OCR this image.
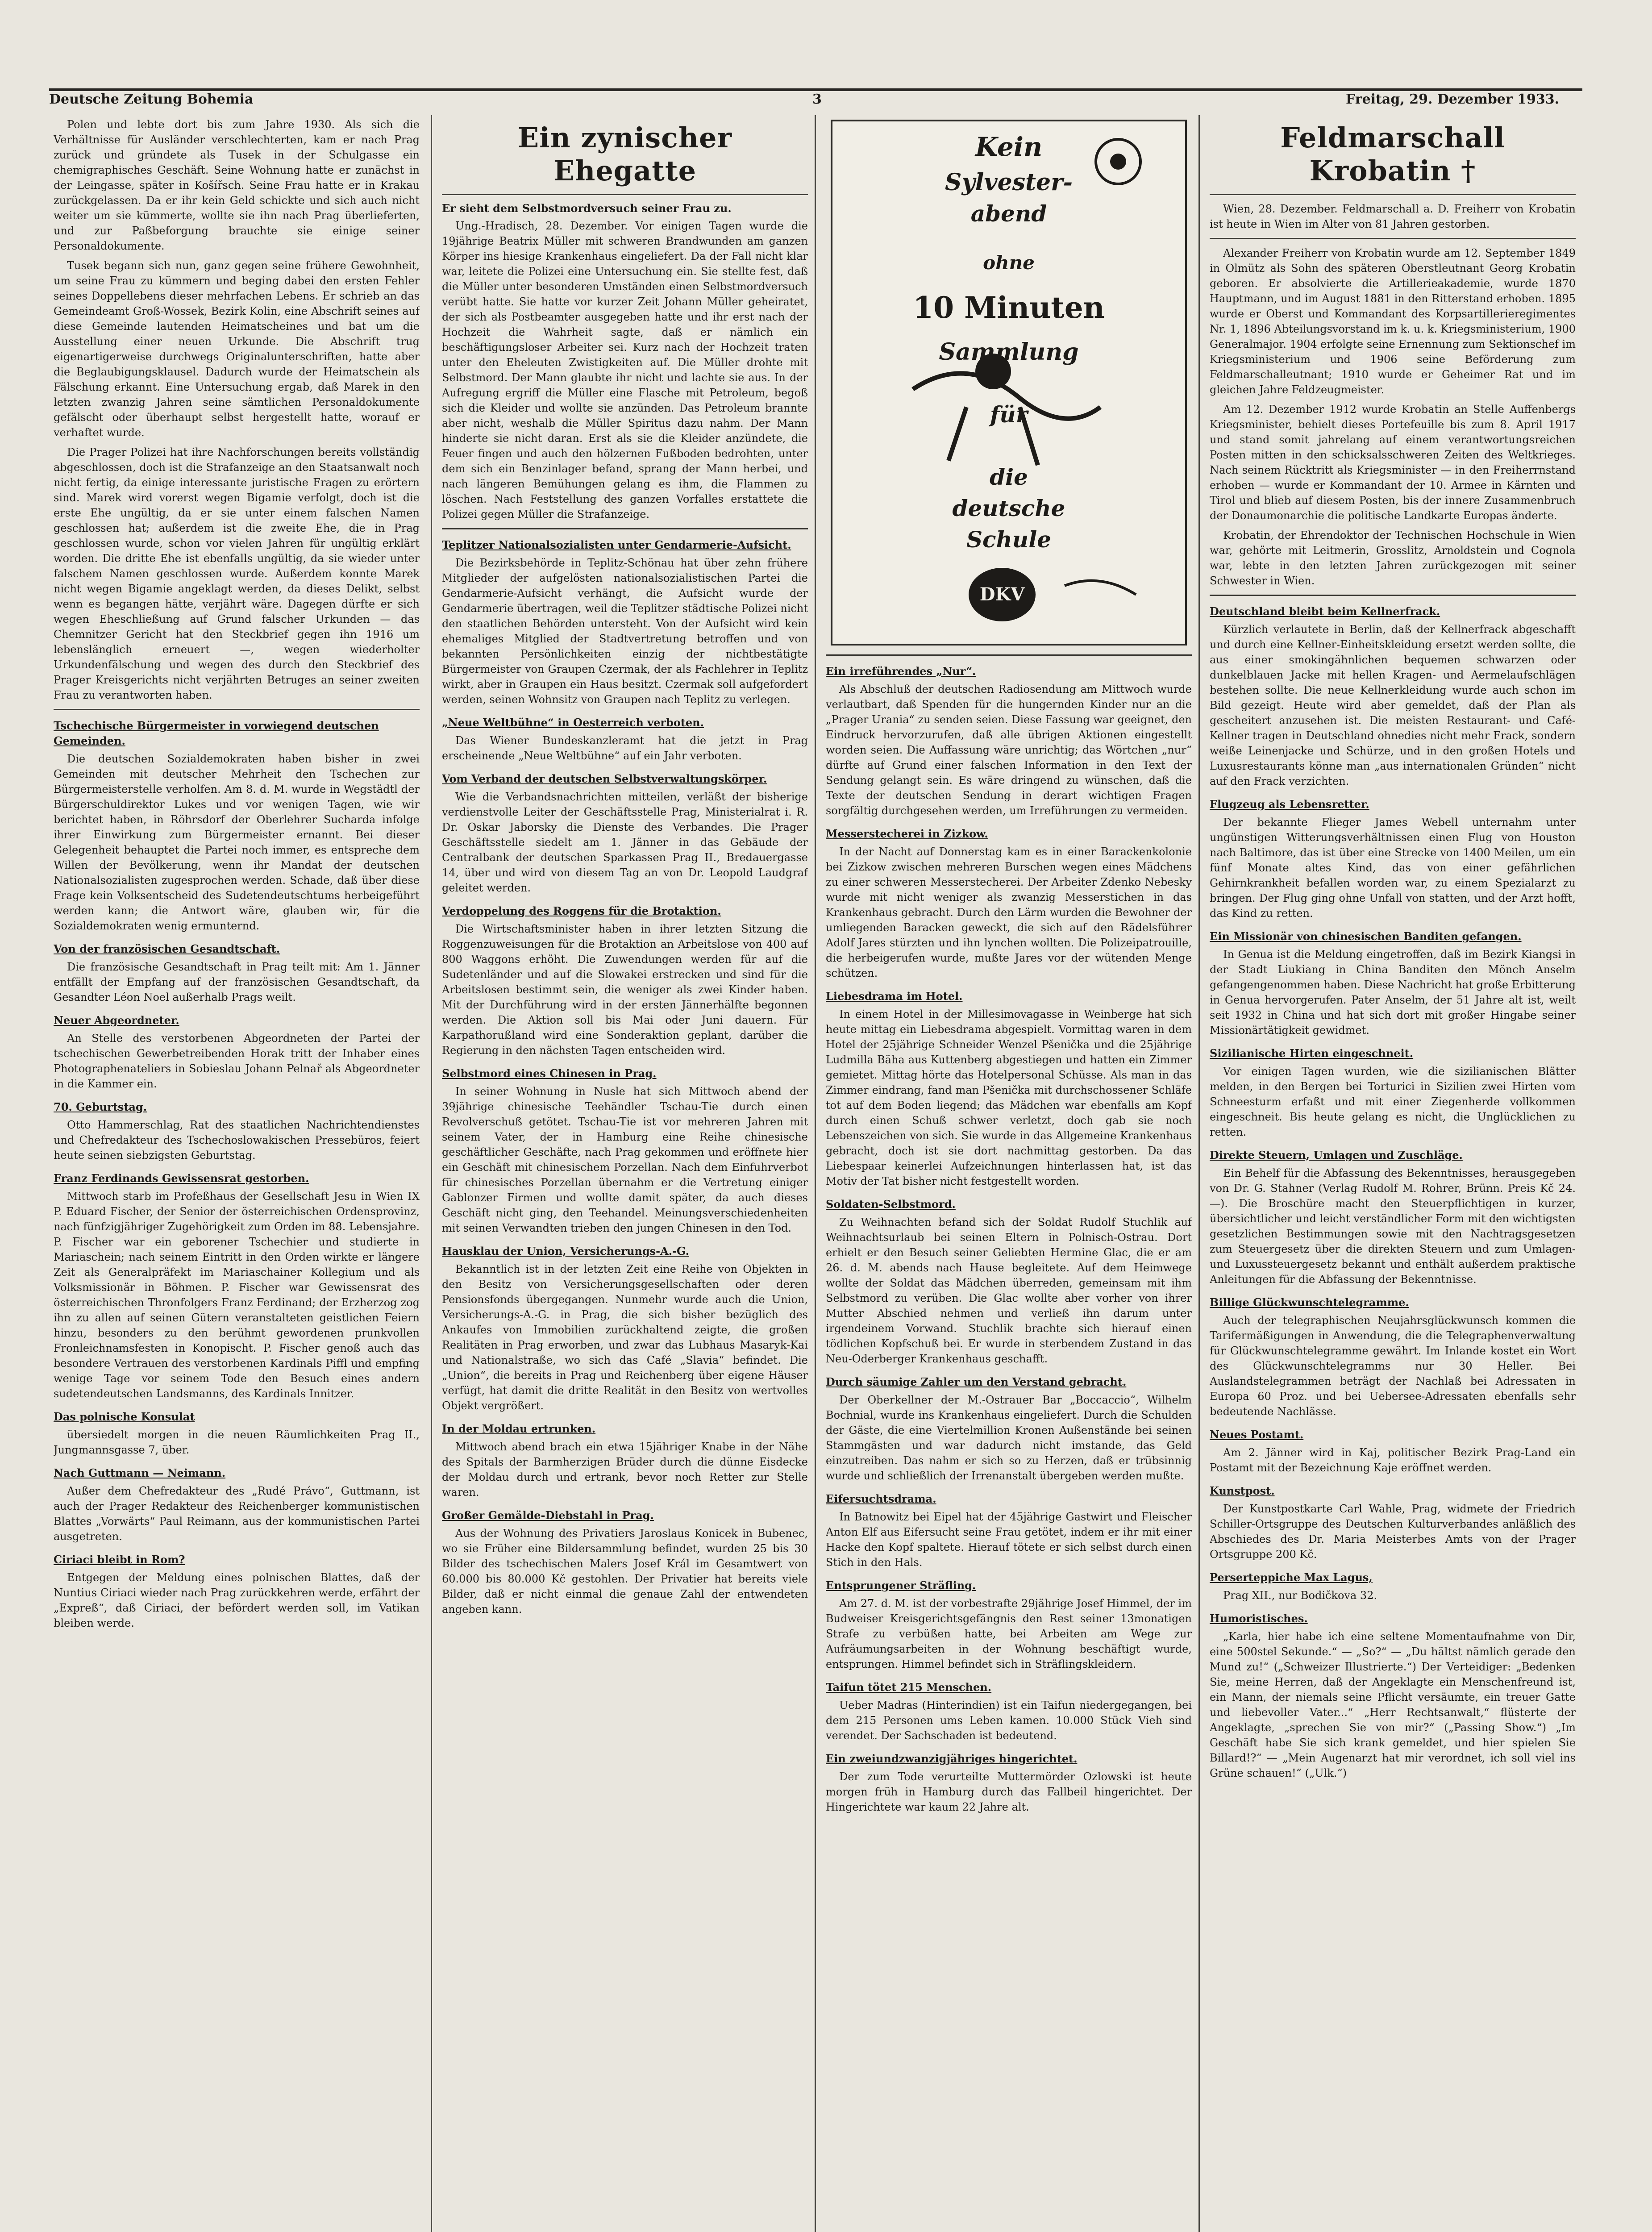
Deutsche Zeitung Bohemia	3	Freitag, 29. Dezember 1933.

Polen und lebte dort bis zum Jahre 1930. Als sich die Verhältnisse für Ausländer verschlechterten, kam er nach Prag zurück und gründete als Tusek in der Schulgasse ein chemigraphisches Geschäft. Seine Wohnung hatte er zunächst in der Leingasse, später in Košířsch. Seine Frau hatte er in Krakau zurückgelassen. Da er ihr kein Geld schickte und sich auch nicht weiter um sie kümmerte, wollte sie ihn nach Prag überlieferten, und zur Paßbeforgung brauchte sie einige seiner Personaldokumente.

Tusek begann sich nun, ganz gegen seine frühere Gewohnheit, um seine Frau zu kümmern und beging dabei den ersten Fehler seines Doppellebens dieser mehrfachen Lebens. Er schrieb an das Gemeindeamt Groß-Wossek, Bezirk Kolin, eine Abschrift seines auf diese Gemeinde lautenden Heimatscheines und bat um die Ausstellung einer neuen Urkunde. Die Abschrift trug eigenartigerweise durchwegs Originalunterschriften, hatte aber die Beglaubigungsklausel. Dadurch wurde der Heimatschein als Fälschung erkannt. Eine Untersuchung ergab, daß Marek in den letzten zwanzig Jahren seine sämtlichen Personaldokumente gefälscht oder überhaupt selbst hergestellt hatte, worauf er verhaftet wurde.

Die Prager Polizei hat ihre Nachforschungen bereits vollständig abgeschlossen, doch ist die Strafanzeige an den Staatsanwalt noch nicht fertig, da einige interessante juristische Fragen zu erörtern sind. Marek wird vorerst wegen Bigamie verfolgt, doch ist die erste Ehe ungültig, da er sie unter einem falschen Namen geschlossen hat; außerdem ist die zweite Ehe, die in Prag geschlossen wurde, schon vor vielen Jahren für ungültig erklärt worden. Die dritte Ehe ist ebenfalls ungültig, da sie wieder unter falschem Namen geschlossen wurde. Außerdem konnte Marek nicht wegen Bigamie angeklagt werden, da dieses Delikt, selbst wenn es begangen hätte, verjährt wäre. Dagegen dürfte er sich wegen Eheschließung auf Grund falscher Urkunden — das Chemnitzer Gericht hat den Steckbrief gegen ihn 1916 um lebenslänglich erneuert —, wegen wiederholter Urkundenfälschung und wegen des durch den Steckbrief des Prager Kreisgerichts nicht verjährten Betruges an seiner zweiten Frau zu verantworten haben.

Tschechische Bürgermeister in vorwiegend deutschen Gemeinden.

Die deutschen Sozialdemokraten haben bisher in zwei Gemeinden mit deutscher Mehrheit den Tschechen zur Bürgermeisterstelle verholfen. Am 8. d. M. wurde in Wegstädtl der Bürgerschuldirektor Lukes und vor wenigen Tagen, wie wir berichtet haben, in Röhrsdorf der Oberlehrer Sucharda infolge ihrer Einwirkung zum Bürgermeister ernannt. Bei dieser Gelegenheit behauptet die Partei noch immer, es entspreche dem Willen der Bevölkerung, wenn ihr Mandat der deutschen Nationalsozialisten zugesprochen werden. Schade, daß über diese Frage kein Volksentscheid des Sudetendeutschtums herbeigeführt werden kann; die Antwort wäre, glauben wir, für die Sozialdemokraten wenig ermunternd.

Von der französischen Gesandtschaft.

Die französische Gesandtschaft in Prag teilt mit: Am 1. Jänner entfällt der Empfang auf der französischen Gesandtschaft, da Gesandter Léon Noel außerhalb Prags weilt.

Neuer Abgeordneter.

An Stelle des verstorbenen Abgeordneten der Partei der tschechischen Gewerbetreibenden Horak tritt der Inhaber eines Photographenateliers in Sobieslau Johann Pelnař als Abgeordneter in die Kammer ein.

70. Geburtstag.

Otto Hammerschlag, Rat des staatlichen Nachrichtendienstes und Chefredakteur des Tschechoslowakischen Pressebüros, feiert heute seinen siebzigsten Geburtstag.

Franz Ferdinands Gewissensrat gestorben.

Mittwoch starb im Profeßhaus der Gesellschaft Jesu in Wien IX P. Eduard Fischer, der Senior der österreichischen Ordensprovinz, nach fünfzigjähriger Zugehörigkeit zum Orden im 88. Lebensjahre. P. Fischer war ein geborener Tschechier und studierte in Mariaschein; nach seinem Eintritt in den Orden wirkte er längere Zeit als Generalpräfekt im Mariaschainer Kollegium und als Volksmissionär in Böhmen. P. Fischer war Gewissensrat des österreichischen Thronfolgers Franz Ferdinand; der Erzherzog zog ihn zu allen auf seinen Gütern veranstalteten geistlichen Feiern hinzu, besonders zu den berühmt gewordenen prunkvollen Fronleichnamsfesten in Konopischt. P. Fischer genoß auch das besondere Vertrauen des verstorbenen Kardinals Piffl und empfing wenige Tage vor seinem Tode den Besuch eines andern sudetendeutschen Landsmanns, des Kardinals Innitzer.

Das polnische Konsulat

übersiedelt morgen in die neuen Räumlichkeiten Prag II., Jungmannsgasse 7, über.

Nach Guttmann — Neimann.

Außer dem Chefredakteur des „Rudé Právo“, Guttmann, ist auch der Prager Redakteur des Reichenberger kommunistischen Blattes „Vorwärts“ Paul Reimann, aus der kommunistischen Partei ausgetreten.

Ciriaci bleibt in Rom?

Entgegen der Meldung eines polnischen Blattes, daß der Nuntius Ciriaci wieder nach Prag zurückkehren werde, erfährt der „Expreß“, daß Ciriaci, der befördert werden soll, im Vatikan bleiben werde.

Ein zynischer Ehegatte
Er sieht dem Selbstmordversuch seiner Frau zu.

Ung.-Hradisch, 28. Dezember. Vor einigen Tagen wurde die 19jährige Beatrix Müller mit schweren Brandwunden am ganzen Körper ins hiesige Krankenhaus eingeliefert. Da der Fall nicht klar war, leitete die Polizei eine Untersuchung ein. Sie stellte fest, daß die Müller unter besonderen Umständen einen Selbstmordversuch verübt hatte. Sie hatte vor kurzer Zeit Johann Müller geheiratet, der sich als Postbeamter ausgegeben hatte und ihr erst nach der Hochzeit die Wahrheit sagte, daß er nämlich ein beschäftigungsloser Arbeiter sei. Kurz nach der Hochzeit traten unter den Eheleuten Zwistigkeiten auf. Die Müller drohte mit Selbstmord. Der Mann glaubte ihr nicht und lachte sie aus. In der Aufregung ergriff die Müller eine Flasche mit Petroleum, begoß sich die Kleider und wollte sie anzünden. Das Petroleum brannte aber nicht, weshalb die Müller Spiritus dazu nahm. Der Mann hinderte sie nicht daran. Erst als sie die Kleider anzündete, die Feuer fingen und auch den hölzernen Fußboden bedrohten, unter dem sich ein Benzinlager befand, sprang der Mann herbei, und nach längeren Bemühungen gelang es ihm, die Flammen zu löschen. Nach Feststellung des ganzen Vorfalles erstattete die Polizei gegen Müller die Strafanzeige.

Teplitzer Nationalsozialisten unter Gendarmerie-Aufsicht.

Die Bezirksbehörde in Teplitz-Schönau hat über zehn frühere Mitglieder der aufgelösten nationalsozialistischen Partei die Gendarmerie-Aufsicht verhängt, die Aufsicht wurde der Gendarmerie übertragen, weil die Teplitzer städtische Polizei nicht den staatlichen Behörden untersteht. Von der Aufsicht wird kein ehemaliges Mitglied der Stadtvertretung betroffen und von bekannten Persönlichkeiten einzig der nichtbestätigte Bürgermeister von Graupen Czermak, der als Fachlehrer in Teplitz wirkt, aber in Graupen ein Haus besitzt. Czermak soll aufgefordert werden, seinen Wohnsitz von Graupen nach Teplitz zu verlegen.

„Neue Weltbühne“ in Oesterreich verboten.

Das Wiener Bundeskanzleramt hat die jetzt in Prag erscheinende „Neue Weltbühne“ auf ein Jahr verboten.

Vom Verband der deutschen Selbstverwaltungskörper.

Wie die Verbandsnachrichten mitteilen, verläßt der bisherige verdienstvolle Leiter der Geschäftsstelle Prag, Ministerialrat i. R. Dr. Oskar Jaborsky die Dienste des Verbandes. Die Prager Geschäftsstelle siedelt am 1. Jänner in das Gebäude der Centralbank der deutschen Sparkassen Prag II., Bredauergasse 14, über und wird von diesem Tag an von Dr. Leopold Laudgraf geleitet werden.

Verdoppelung des Roggens für die Brotaktion.

Die Wirtschaftsminister haben in ihrer letzten Sitzung die Roggenzuweisungen für die Brotaktion an Arbeitslose von 400 auf 800 Waggons erhöht. Die Zuwendungen werden für auf die Sudetenländer und auf die Slowakei erstrecken und sind für die Arbeitslosen bestimmt sein, die weniger als zwei Kinder haben. Mit der Durchführung wird in der ersten Jännerhälfte begonnen werden. Die Aktion soll bis Mai oder Juni dauern. Für Karpathorußland wird eine Sonderaktion geplant, darüber die Regierung in den nächsten Tagen entscheiden wird.

Selbstmord eines Chinesen in Prag.

In seiner Wohnung in Nusle hat sich Mittwoch abend der 39jährige chinesische Teehändler Tschau-Tie durch einen Revolverschuß getötet. Tschau-Tie ist vor mehreren Jahren mit seinem Vater, der in Hamburg eine Reihe chinesische geschäftlicher Geschäfte, nach Prag gekommen und eröffnete hier ein Geschäft mit chinesischem Porzellan. Nach dem Einfuhrverbot für chinesisches Porzellan übernahm er die Vertretung einiger Gablonzer Firmen und wollte damit später, da auch dieses Geschäft nicht ging, den Teehandel. Meinungsverschiedenheiten mit seinen Verwandten trieben den jungen Chinesen in den Tod.

Hausklau der Union, Versicherungs-A.-G.

Bekanntlich ist in der letzten Zeit eine Reihe von Objekten in den Besitz von Versicherungsgesellschaften oder deren Pensionsfonds übergegangen. Nunmehr wurde auch die Union, Versicherungs-A.-G. in Prag, die sich bisher bezüglich des Ankaufes von Immobilien zurückhaltend zeigte, die großen Realitäten in Prag erworben, und zwar das Lubhaus Masaryk-Kai und Nationalstraße, wo sich das Café „Slavia“ befindet. Die „Union“, die bereits in Prag und Reichenberg über eigene Häuser verfügt, hat damit die dritte Realität in den Besitz von wertvolles Objekt vergrößert.

In der Moldau ertrunken.

Mittwoch abend brach ein etwa 15jähriger Knabe in der Nähe des Spitals der Barmherzigen Brüder durch die dünne Eisdecke der Moldau durch und ertrank, bevor noch Retter zur Stelle waren.

Großer Gemälde-Diebstahl in Prag.

Aus der Wohnung des Privatiers Jaroslaus Konicek in Bubenec, wo sie Früher eine Bildersammlung befindet, wurden 25 bis 30 Bilder des tschechischen Malers Josef Král im Gesamtwert von 60.000 bis 80.000 Kč gestohlen. Der Privatier hat bereits viele Bilder, daß er nicht einmal die genaue Zahl der entwendeten angeben kann.

Kein
Sylvester-
abend
ohne
10 Minuten
Sammlung
für
die
deutsche
Schule
DKV
Ein irreführendes „Nur“.

Als Abschluß der deutschen Radiosendung am Mittwoch wurde verlautbart, daß Spenden für die hungernden Kinder nur an die „Prager Urania“ zu senden seien. Diese Fassung war geeignet, den Eindruck hervorzurufen, daß alle übrigen Aktionen eingestellt worden seien. Die Auffassung wäre unrichtig; das Wörtchen „nur“ dürfte auf Grund einer falschen Information in den Text der Sendung gelangt sein. Es wäre dringend zu wünschen, daß die Texte der deutschen Sendung in derart wichtigen Fragen sorgfältig durchgesehen werden, um Irreführungen zu vermeiden.

Messerstecherei in Zizkow.

In der Nacht auf Donnerstag kam es in einer Barackenkolonie bei Zizkow zwischen mehreren Burschen wegen eines Mädchens zu einer schweren Messerstecherei. Der Arbeiter Zdenko Nebesky wurde mit nicht weniger als zwanzig Messerstichen in das Krankenhaus gebracht. Durch den Lärm wurden die Bewohner der umliegenden Baracken geweckt, die sich auf den Rädelsführer Adolf Jares stürzten und ihn lynchen wollten. Die Polizeipatrouille, die herbeigerufen wurde, mußte Jares vor der wütenden Menge schützen.

Liebesdrama im Hotel.

In einem Hotel in der Millesimovagasse in Weinberge hat sich heute mittag ein Liebesdrama abgespielt. Vormittag waren in dem Hotel der 25jährige Schneider Wenzel Pšenička und die 25jährige Ludmilla Bäha aus Kuttenberg abgestiegen und hatten ein Zimmer gemietet. Mittag hörte das Hotelpersonal Schüsse. Als man in das Zimmer eindrang, fand man Pšenička mit durchschossener Schläfe tot auf dem Boden liegend; das Mädchen war ebenfalls am Kopf durch einen Schuß schwer verletzt, doch gab sie noch Lebenszeichen von sich. Sie wurde in das Allgemeine Krankenhaus gebracht, doch ist sie dort nachmittag gestorben. Da das Liebespaar keinerlei Aufzeichnungen hinterlassen hat, ist das Motiv der Tat bisher nicht festgestellt worden.

Soldaten-Selbstmord.

Zu Weihnachten befand sich der Soldat Rudolf Stuchlik auf Weihnachtsurlaub bei seinen Eltern in Polnisch-Ostrau. Dort erhielt er den Besuch seiner Geliebten Hermine Glac, die er am 26. d. M. abends nach Hause begleitete. Auf dem Heimwege wollte der Soldat das Mädchen überreden, gemeinsam mit ihm Selbstmord zu verüben. Die Glac wollte aber vorher von ihrer Mutter Abschied nehmen und verließ ihn darum unter irgendeinem Vorwand. Stuchlik brachte sich hierauf einen tödlichen Kopfschuß bei. Er wurde in sterbendem Zustand in das Neu-Oderberger Krankenhaus geschafft.

Durch säumige Zahler um den Verstand gebracht.

Der Oberkellner der M.-Ostrauer Bar „Boccaccio“, Wilhelm Bochnial, wurde ins Krankenhaus eingeliefert. Durch die Schulden der Gäste, die eine Viertelmillion Kronen Außenstände bei seinen Stammgästen und war dadurch nicht imstande, das Geld einzutreiben. Das nahm er sich so zu Herzen, daß er trübsinnig wurde und schließlich der Irrenanstalt übergeben werden mußte.

Eifersuchtsdrama.

In Batnowitz bei Eipel hat der 45jährige Gastwirt und Fleischer Anton Elf aus Eifersucht seine Frau getötet, indem er ihr mit einer Hacke den Kopf spaltete. Hierauf tötete er sich selbst durch einen Stich in den Hals.

Entsprungener Sträfling.

Am 27. d. M. ist der vorbestrafte 29jährige Josef Himmel, der im Budweiser Kreisgerichtsgefängnis den Rest seiner 13monatigen Strafe zu verbüßen hatte, bei Arbeiten am Wege zur Aufräumungsarbeiten in der Wohnung beschäftigt wurde, entsprungen. Himmel befindet sich in Sträflingskleidern.

Taifun tötet 215 Menschen.

Ueber Madras (Hinterindien) ist ein Taifun niedergegangen, bei dem 215 Personen ums Leben kamen. 10.000 Stück Vieh sind verendet. Der Sachschaden ist bedeutend.

Ein zweiundzwanzigjähriges hingerichtet.

Der zum Tode verurteilte Muttermörder Ozlowski ist heute morgen früh in Hamburg durch das Fallbeil hingerichtet. Der Hingerichtete war kaum 22 Jahre alt.

Feldmarschall Krobatin †

Wien, 28. Dezember. Feldmarschall a. D. Freiherr von Krobatin ist heute in Wien im Alter von 81 Jahren gestorben.

Alexander Freiherr von Krobatin wurde am 12. September 1849 in Olmütz als Sohn des späteren Oberstleutnant Georg Krobatin geboren. Er absolvierte die Artillerieakademie, wurde 1870 Hauptmann, und im August 1881 in den Ritterstand erhoben. 1895 wurde er Oberst und Kommandant des Korpsartillerieregimentes Nr. 1, 1896 Abteilungsvorstand im k. u. k. Kriegsministerium, 1900 Generalmajor. 1904 erfolgte seine Ernennung zum Sektionschef im Kriegsministerium und 1906 seine Beförderung zum Feldmarschalleutnant; 1910 wurde er Geheimer Rat und im gleichen Jahre Feldzeugmeister.

Am 12. Dezember 1912 wurde Krobatin an Stelle Auffenbergs Kriegsminister, behielt dieses Portefeuille bis zum 8. April 1917 und stand somit jahrelang auf einem verantwortungsreichen Posten mitten in den schicksalsschweren Zeiten des Weltkrieges. Nach seinem Rücktritt als Kriegsminister — in den Freiherrnstand erhoben — wurde er Kommandant der 10. Armee in Kärnten und Tirol und blieb auf diesem Posten, bis der innere Zusammenbruch der Donaumonarchie die politische Landkarte Europas änderte.

Krobatin, der Ehrendoktor der Technischen Hochschule in Wien war, gehörte mit Leitmerin, Grosslitz, Arnoldstein und Cognola war, lebte in den letzten Jahren zurückgezogen mit seiner Schwester in Wien.

Deutschland bleibt beim Kellnerfrack.

Kürzlich verlautete in Berlin, daß der Kellnerfrack abgeschafft und durch eine Kellner-Einheitskleidung ersetzt werden sollte, die aus einer smokingähnlichen bequemen schwarzen oder dunkelblauen Jacke mit hellen Kragen- und Aermelaufschlägen bestehen sollte. Die neue Kellnerkleidung wurde auch schon im Bild gezeigt. Heute wird aber gemeldet, daß der Plan als gescheitert anzusehen ist. Die meisten Restaurant- und Café-Kellner tragen in Deutschland ohnedies nicht mehr Frack, sondern weiße Leinenjacke und Schürze, und in den großen Hotels und Luxusrestaurants könne man „aus internationalen Gründen“ nicht auf den Frack verzichten.

Flugzeug als Lebensretter.

Der bekannte Flieger James Webell unternahm unter ungünstigen Witterungsverhältnissen einen Flug von Houston nach Baltimore, das ist über eine Strecke von 1400 Meilen, um ein fünf Monate altes Kind, das von einer gefährlichen Gehirnkrankheit befallen worden war, zu einem Spezialarzt zu bringen. Der Flug ging ohne Unfall von statten, und der Arzt hofft, das Kind zu retten.

Ein Missionär von chinesischen Banditen gefangen.

In Genua ist die Meldung eingetroffen, daß im Bezirk Kiangsi in der Stadt Liukiang in China Banditen den Mönch Anselm gefangengenommen haben. Diese Nachricht hat große Erbitterung in Genua hervorgerufen. Pater Anselm, der 51 Jahre alt ist, weilt seit 1932 in China und hat sich dort mit großer Hingabe seiner Missionärtätigkeit gewidmet.

Sizilianische Hirten eingeschneit.

Vor einigen Tagen wurden, wie die sizilianischen Blätter melden, in den Bergen bei Torturici in Sizilien zwei Hirten vom Schneesturm erfaßt und mit einer Ziegenherde vollkommen eingeschneit. Bis heute gelang es nicht, die Unglücklichen zu retten.

Direkte Steuern, Umlagen und Zuschläge.

Ein Behelf für die Abfassung des Bekenntnisses, herausgegeben von Dr. G. Stahner (Verlag Rudolf M. Rohrer, Brünn. Preis Kč 24.—). Die Broschüre macht den Steuerpflichtigen in kurzer, übersichtlicher und leicht verständlicher Form mit den wichtigsten gesetzlichen Bestimmungen sowie mit den Nachtragsgesetzen zum Steuergesetz über die direkten Steuern und zum Umlagen- und Luxussteuergesetz bekannt und enthält außerdem praktische Anleitungen für die Abfassung der Bekenntnisse.

Billige Glückwunschtelegramme.

Auch der telegraphischen Neujahrsglückwunsch kommen die Tarifermäßigungen in Anwendung, die die Telegraphenverwaltung für Glückwunschtelegramme gewährt. Im Inlande kostet ein Wort des Glückwunschtelegramms nur 30 Heller. Bei Auslandstelegrammen beträgt der Nachlaß bei Adressaten in Europa 60 Proz. und bei Uebersee-Adressaten ebenfalls sehr bedeutende Nachlässe.

Neues Postamt.

Am 2. Jänner wird in Kaj, politischer Bezirk Prag-Land ein Postamt mit der Bezeichnung Kaje eröffnet werden.

Kunstpost.

Der Kunstpostkarte Carl Wahle, Prag, widmete der Friedrich Schiller-Ortsgruppe des Deutschen Kulturverbandes anläßlich des Abschiedes des Dr. Maria Meisterbes Amts von der Prager Ortsgruppe 200 Kč.

Perserteppiche Max Lagus,

Prag XII., nur Bodičkova 32.

Humoristisches.

„Karla, hier habe ich eine seltene Momentaufnahme von Dir, eine 500stel Sekunde.“ — „So?“ — „Du hältst nämlich gerade den Mund zu!“ („Schweizer Illustrierte.“) Der Verteidiger: „Bedenken Sie, meine Herren, daß der Angeklagte ein Menschenfreund ist, ein Mann, der niemals seine Pflicht versäumte, ein treuer Gatte und liebevoller Vater...“ „Herr Rechtsanwalt,“ flüsterte der Angeklagte, „sprechen Sie von mir?“ („Passing Show.“) „Im Geschäft habe Sie sich krank gemeldet, und hier spielen Sie Billard!?“ — „Mein Augenarzt hat mir verordnet, ich soll viel ins Grüne schauen!“ („Ulk.“)
